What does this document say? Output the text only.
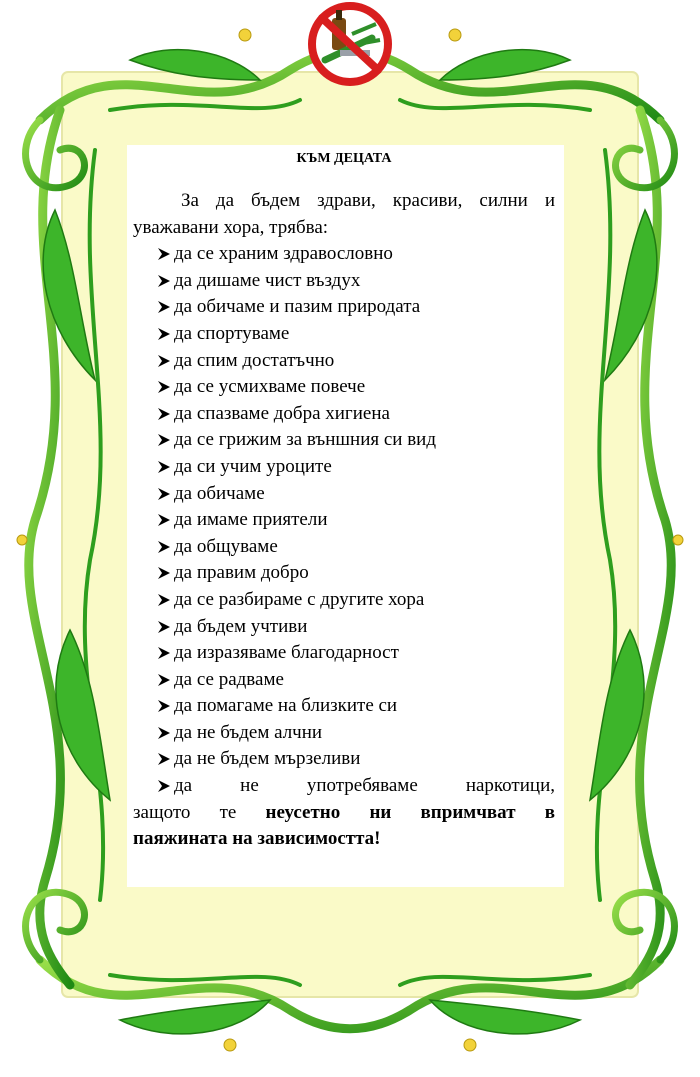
КЪМ ДЕЦАТА

За да бъдем здрави, красиви, силни и уважавани хора, трябва:

да се храним здравословно
да дишаме чист въздух
да обичаме и пазим природата
да спортуваме
да спим достатъчно
да се усмихваме повече
да спазваме добра хигиена
да се грижим за външния си вид
да си учим уроците
да обичаме
да имаме приятели
да общуваме
да правим добро
да се разбираме с другите хора
да бъдем учтиви
да изразяваме благодарност
да се радваме
да помагаме на близките си
да не бъдем алчни
да не бъдем мързеливи

да не употребяваме наркотици,

защото те неусетно ни впримчват в

паяжината на зависимостта!
